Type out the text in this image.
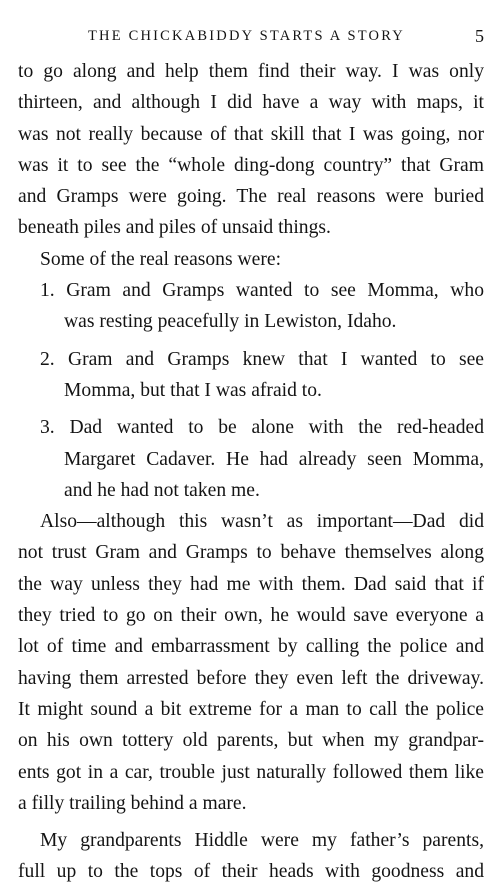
THE CHICKABIDDY STARTS A STORY	5
to go along and help them find their way. I was only
thirteen, and although I did have a way with maps, it
was not really because of that skill that I was going, nor
was it to see the “whole ding-dong country” that Gram
and Gramps were going. The real reasons were buried
beneath piles and piles of unsaid things.
Some of the real reasons were:
1. Gram and Gramps wanted to see Momma, who
was resting peacefully in Lewiston, Idaho.
2. Gram and Gramps knew that I wanted to see
Momma, but that I was afraid to.
3. Dad wanted to be alone with the red-headed
Margaret Cadaver. He had already seen Momma,
and he had not taken me.
Also—although this wasn’t as important—Dad did
not trust Gram and Gramps to behave themselves along
the way unless they had me with them. Dad said that if
they tried to go on their own, he would save everyone a
lot of time and embarrassment by calling the police and
having them arrested before they even left the driveway.
It might sound a bit extreme for a man to call the police
on his own tottery old parents, but when my grandpar-
ents got in a car, trouble just naturally followed them like
a filly trailing behind a mare.
My grandparents Hiddle were my father’s parents,
full up to the tops of their heads with goodness and
